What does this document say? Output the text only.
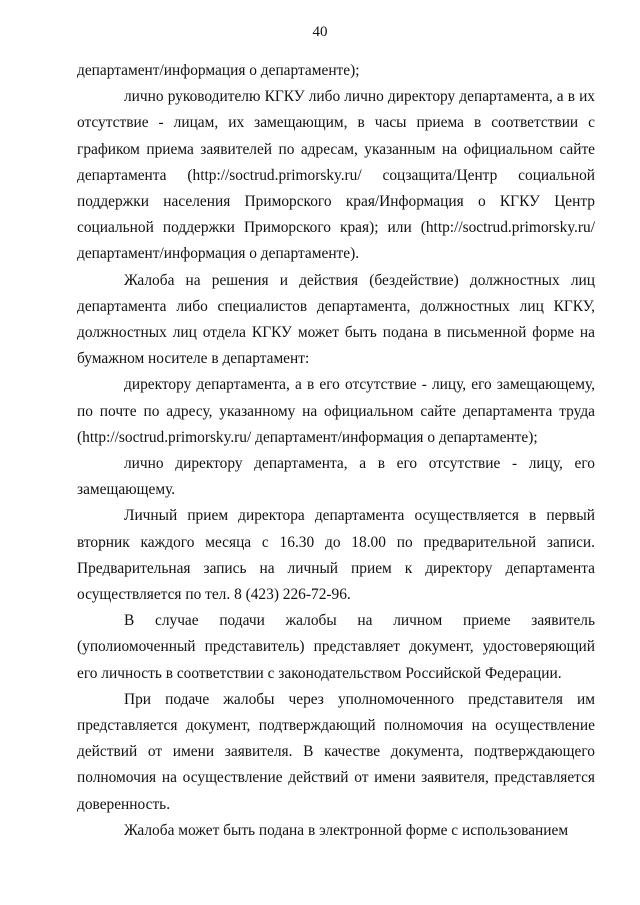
40

департамент/информация о департаменте);

лично руководителю КГКУ либо лично директору департамента, а в их отсутствие - лицам, их замещающим, в часы приема в соответствии с графиком приема заявителей по адресам, указанным на официальном сайте департамента (http://soctrud.primorsky.ru/ соцзащита/Центр социальной поддержки населения Приморского края/Информация о КГКУ Центр социальной поддержки Приморского края); или (http://soctrud.primorsky.ru/ департамент/информация о департаменте).

Жалоба на решения и действия (бездействие) должностных лиц департамента либо специалистов департамента, должностных лиц КГКУ, должностных лиц отдела КГКУ может быть подана в письменной форме на бумажном носителе в департамент:

директору департамента, а в его отсутствие - лицу, его замещающему, по почте по адресу, указанному на официальном сайте департамента труда (http://soctrud.primorsky.ru/ департамент/информация о департаменте);

лично директору департамента, а в его отсутствие - лицу, его замещающему.

Личный прием директора департамента осуществляется в первый вторник каждого месяца с 16.30 до 18.00 по предварительной записи. Предварительная запись на личный прием к директору департамента осуществляется по тел. 8 (423) 226-72-96.

В случае подачи жалобы на личном приеме заявитель (уполиомоченный представитель) представляет документ, удостоверяющий его личность в соответствии с законодательством Российской Федерации.

При подаче жалобы через уполномоченного представителя им представляется документ, подтверждающий полномочия на осуществление действий от имени заявителя. В качестве документа, подтверждающего полномочия на осуществление действий от имени заявителя, представляется доверенность.

Жалоба может быть подана в электронной форме с использованием
